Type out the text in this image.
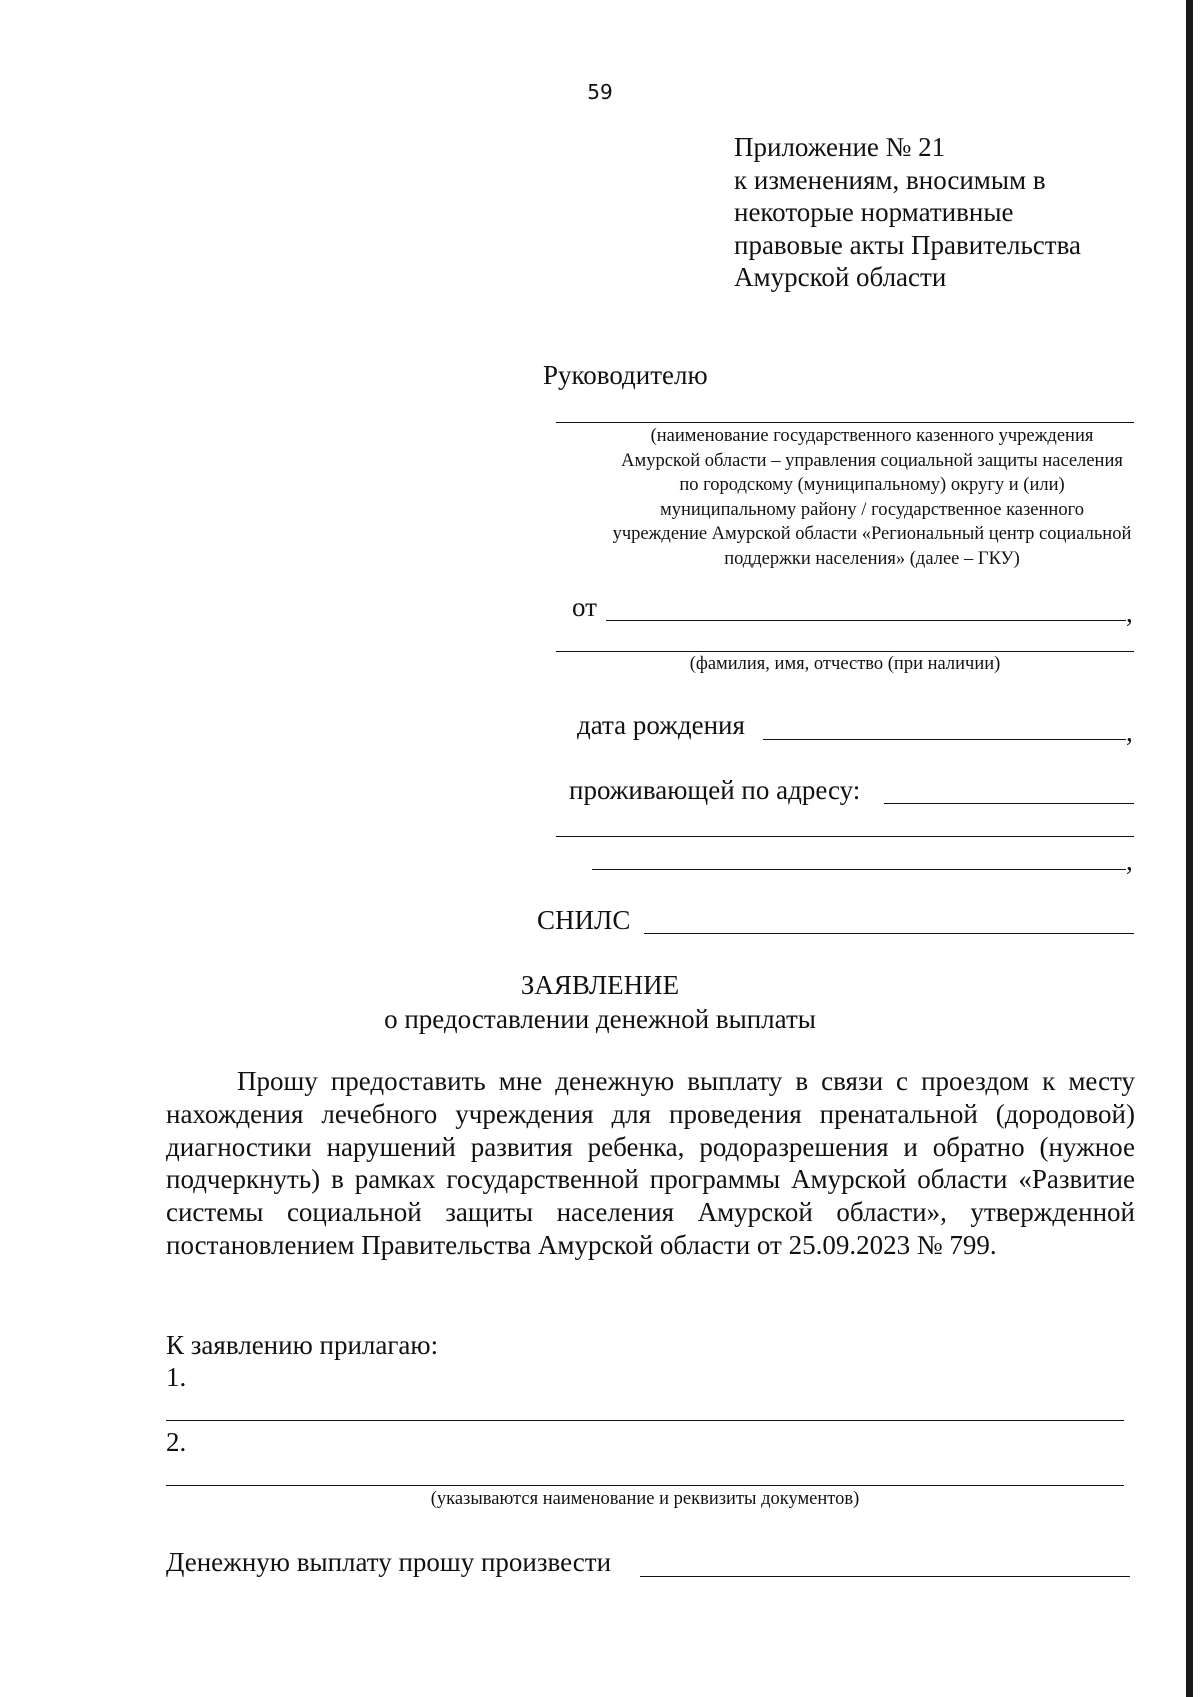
59
Приложение № 21
к изменениям, вносимым в
некоторые нормативные
правовые акты Правительства
Амурской области
Руководителю
(наименование государственного казенного учреждения Амурской области – управления социальной защиты населения по городскому (муниципальному) округу и (или) муниципальному району / государственное казенного учреждение Амурской области «Региональный центр социальной поддержки населения» (далее – ГКУ)
от	,
(фамилия, имя, отчество (при наличии)
дата рождения	,
проживающей по адресу:
,
СНИЛС
ЗАЯВЛЕНИЕ
о предоставлении денежной выплаты
Прошу предоставить мне денежную выплату в связи с проездом к месту нахождения лечебного учреждения для проведения пренатальной (дородовой) диагностики нарушений развития ребенка, родоразрешения и обратно (нужное подчеркнуть) в рамках государственной программы Амурской области «Развитие системы социальной защиты населения Амурской области», утвержденной постановлением Правительства Амурской области от 25.09.2023 № 799.
К заявлению прилагаю:
1.
2.
(указываются наименование и реквизиты документов)
Денежную выплату прошу произвести
